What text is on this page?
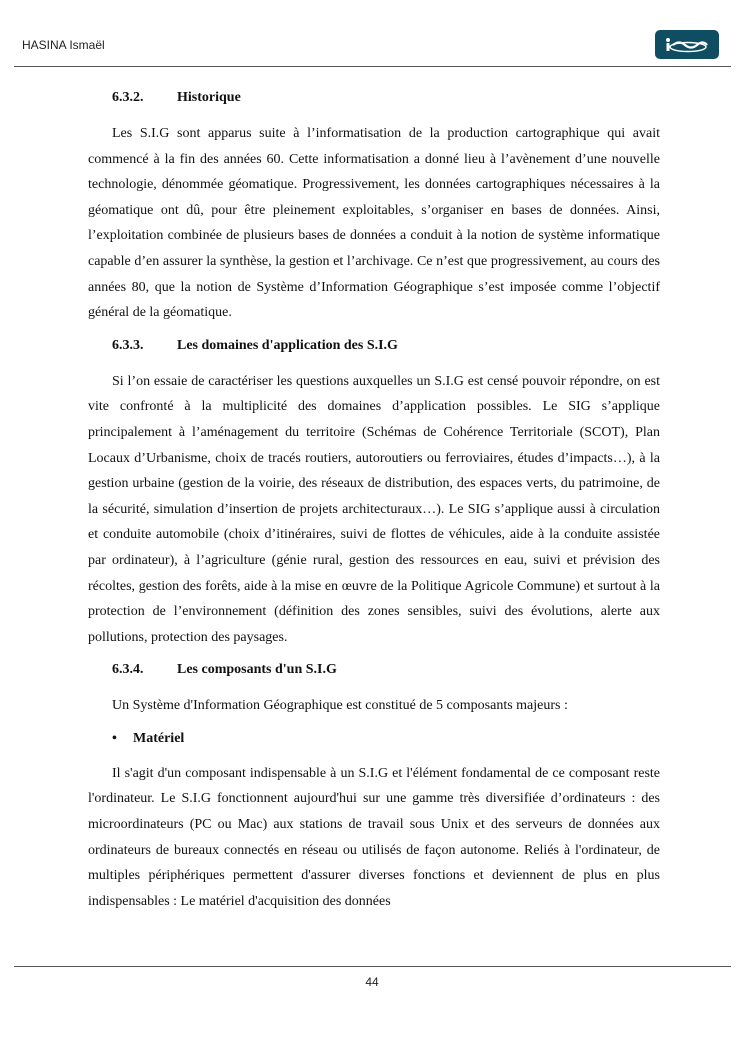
HASINA Ismaël
6.3.2. Historique

Les S.I.G sont apparus suite à l’informatisation de la production cartographique qui avait commencé à la fin des années 60. Cette informatisation a donné lieu à l’avènement d’une nouvelle technologie, dénommée géomatique. Progressivement, les données cartographiques nécessaires à la géomatique ont dû, pour être pleinement exploitables, s’organiser en bases de données. Ainsi, l’exploitation combinée de plusieurs bases de données a conduit à la notion de système informatique capable d’en assurer la synthèse, la gestion et l’archivage. Ce n’est que progressivement, au cours des années 80, que la notion de Système d’Information Géographique s’est imposée comme l’objectif général de la géomatique.

6.3.3. Les domaines d'application des S.I.G

Si l’on essaie de caractériser les questions auxquelles un S.I.G est censé pouvoir répondre, on est vite confronté à la multiplicité des domaines d’application possibles. Le SIG s’applique principalement à l’aménagement du territoire (Schémas de Cohérence Territoriale (SCOT), Plan Locaux d’Urbanisme, choix de tracés routiers, autoroutiers ou ferroviaires, études d’impacts…), à la gestion urbaine (gestion de la voirie, des réseaux de distribution, des espaces verts, du patrimoine, de la sécurité, simulation d’insertion de projets architecturaux…). Le SIG s’applique aussi à circulation et conduite automobile (choix d’itinéraires, suivi de flottes de véhicules, aide à la conduite assistée par ordinateur), à l’agriculture (génie rural, gestion des ressources en eau, suivi et prévision des récoltes, gestion des forêts, aide à la mise en œuvre de la Politique Agricole Commune) et surtout à la protection de l’environnement (définition des zones sensibles, suivi des évolutions, alerte aux pollutions, protection des paysages.

6.3.4. Les composants d'un S.I.G

Un Système d'Information Géographique est constitué de 5 composants majeurs :

• Matériel

Il s'agit d'un composant indispensable à un S.I.G et l'élément fondamental de ce composant reste l'ordinateur. Le S.I.G fonctionnent aujourd'hui sur une gamme très diversifiée d’ordinateurs : des microordinateurs (PC ou Mac) aux stations de travail sous Unix et des serveurs de données aux ordinateurs de bureaux connectés en réseau ou utilisés de façon autonome. Reliés à l'ordinateur, de multiples périphériques permettent d'assurer diverses fonctions et deviennent de plus en plus indispensables : Le matériel d'acquisition des données

44
